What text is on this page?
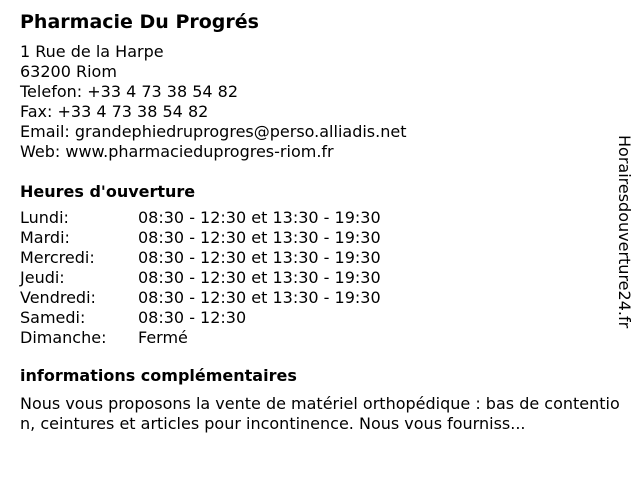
Pharmacie Du Progrés
1 Rue de la Harpe
63200 Riom
Telefon: +33 4 73 38 54 82
Fax: +33 4 73 38 54 82
Email: grandephiedruprogres@perso.alliadis.net
Web: www.pharmacieduprogres-riom.fr
Heures d'ouverture
Lundi:	08:30 - 12:30 et 13:30 - 19:30
Mardi:	08:30 - 12:30 et 13:30 - 19:30
Mercredi:	08:30 - 12:30 et 13:30 - 19:30
Jeudi:	08:30 - 12:30 et 13:30 - 19:30
Vendredi:	08:30 - 12:30 et 13:30 - 19:30
Samedi:	08:30 - 12:30
Dimanche: Fermé
informations complémentaires
Nous vous proposons la vente de matériel orthopédique : bas de contention, ceintures et articles pour incontinence. Nous vous fourniss...
Horairesdouverture24.fr
